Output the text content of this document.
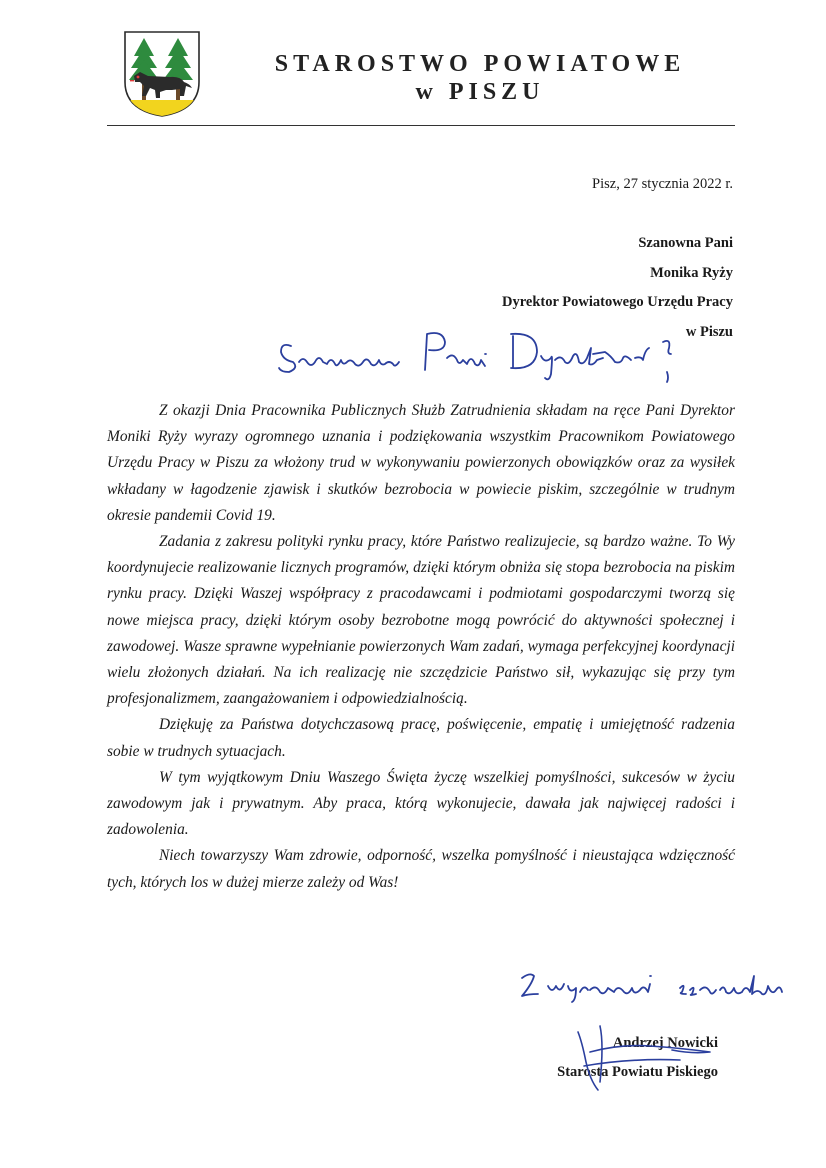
STAROSTWO POWIATOWE
w PISZU
Pisz, 27 stycznia 2022 r.
Szanowna Pani
Monika Ryży
Dyrektor Powiatowego Urzędu Pracy
w Piszu

Z okazji Dnia Pracownika Publicznych Służb Zatrudnienia składam na ręce Pani Dyrektor Moniki Ryży wyrazy ogromnego uznania i podziękowania wszystkim Pracownikom Powiatowego Urzędu Pracy w Piszu za włożony trud w wykonywaniu powierzonych obowiązków oraz za wysiłek wkładany w łagodzenie zjawisk i skutków bezrobocia w powiecie piskim, szczególnie w trudnym okresie pandemii Covid 19.

Zadania z zakresu polityki rynku pracy, które Państwo realizujecie, są bardzo ważne. To Wy koordynujecie realizowanie licznych programów, dzięki którym obniża się stopa bezrobocia na piskim rynku pracy. Dzięki Waszej współpracy z pracodawcami i podmiotami gospodarczymi tworzą się nowe miejsca pracy, dzięki którym osoby bezrobotne mogą powrócić do aktywności społecznej i zawodowej. Wasze sprawne wypełnianie powierzonych Wam zadań, wymaga perfekcyjnej koordynacji wielu złożonych działań. Na ich realizację nie szczędzicie Państwo sił, wykazując się przy tym profesjonalizmem, zaangażowaniem i odpowiedzialnością.

Dziękuję za Państwa dotychczasową pracę, poświęcenie, empatię i umiejętność radzenia sobie w trudnych sytuacjach.

W tym wyjątkowym Dniu Waszego Święta życzę wszelkiej pomyślności, sukcesów w życiu zawodowym jak i prywatnym. Aby praca, którą wykonujecie, dawała jak najwięcej radości i zadowolenia.

Niech towarzyszy Wam zdrowie, odporność, wszelka pomyślność i nieustająca wdzięczność tych, których los w dużej mierze zależy od Was!

Andrzej Nowicki
Starosta Powiatu Piskiego
